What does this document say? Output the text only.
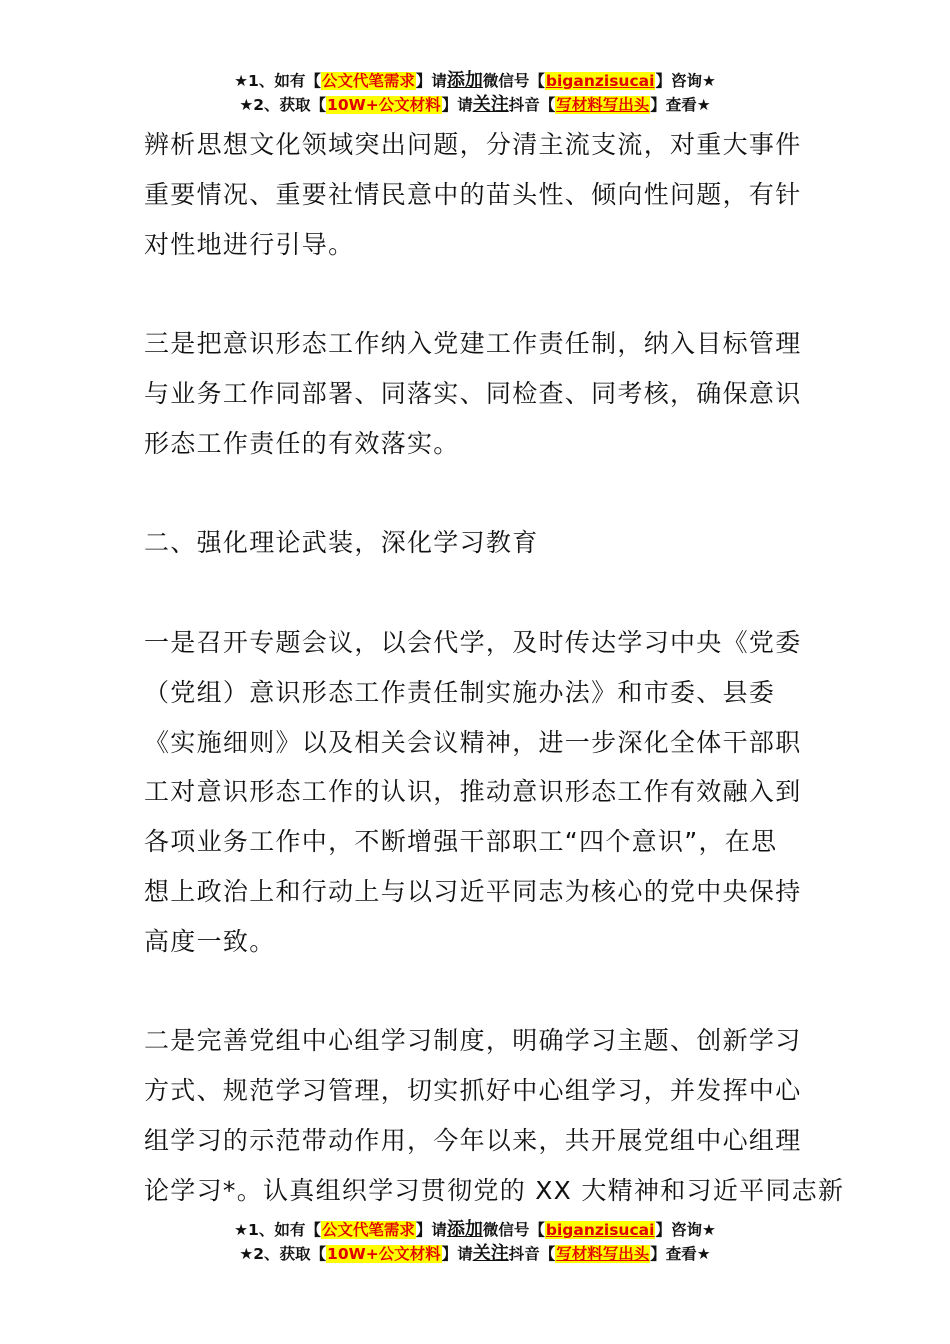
★1、如有【公文代笔需求】请添加微信号【biganzisucai】咨询★
★2、获取【10W+公文材料】请关注抖音【写材料写出头】查看★
辨析思想文化领域突出问题，分清主流支流，对重大事件
重要情况、重要社情民意中的苗头性、倾向性问题，有针
对性地进行引导。
三是把意识形态工作纳入党建工作责任制，纳入目标管理
与业务工作同部署、同落实、同检查、同考核，确保意识
形态工作责任的有效落实。
二、强化理论武装，深化学习教育
一是召开专题会议，以会代学，及时传达学习中央《党委
（党组）意识形态工作责任制实施办法》和市委、县委
《实施细则》以及相关会议精神，进一步深化全体干部职
工对意识形态工作的认识，推动意识形态工作有效融入到
各项业务工作中，不断增强干部职工“四个意识”，在思
想上政治上和行动上与以习近平同志为核心的党中央保持
高度一致。
二是完善党组中心组学习制度，明确学习主题、创新学习
方式、规范学习管理，切实抓好中心组学习，并发挥中心
组学习的示范带动作用，今年以来，共开展党组中心组理
论学习*。认真组织学习贯彻党的 XX 大精神和习近平同志新
★1、如有【公文代笔需求】请添加微信号【biganzisucai】咨询★
★2、获取【10W+公文材料】请关注抖音【写材料写出头】查看★
